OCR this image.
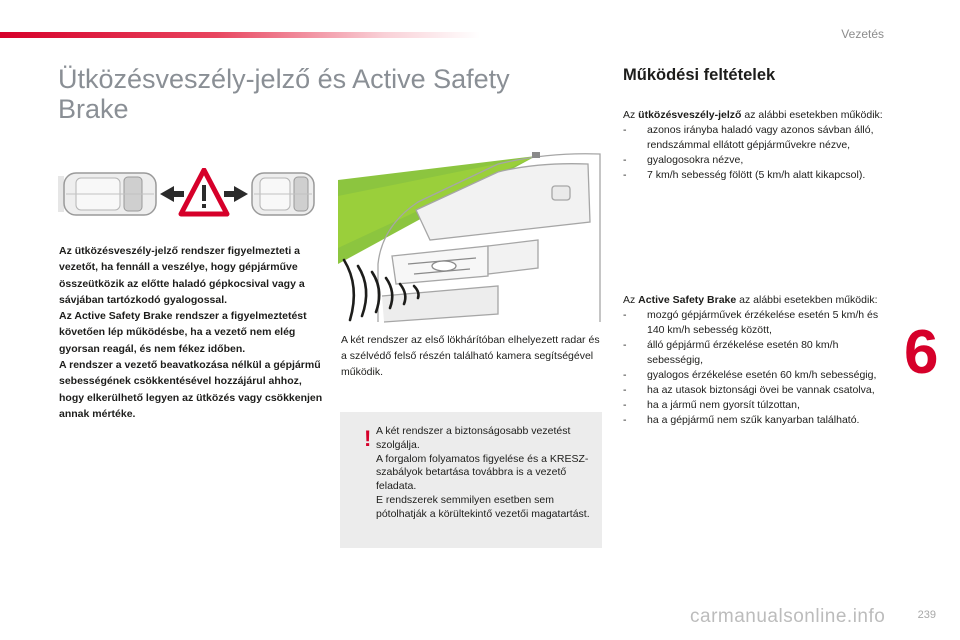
Vezetés
Ütközésveszély-jelző és Active Safety Brake
Az ütközésveszély-jelző rendszer figyelmezteti a vezetőt, ha fennáll a veszélye, hogy gépjárműve összeütközik az előtte haladó gépkocsival vagy a sávjában tartózkodó gyalogossal.
Az Active Safety Brake rendszer a figyelmeztetést követően lép működésbe, ha a vezető nem elég gyorsan reagál, és nem fékez időben.
A rendszer a vezető beavatkozása nélkül a gépjármű sebességének csökkentésével hozzájárul ahhoz, hogy elkerülhető legyen az ütközés vagy csökkenjen annak mértéke.

A két rendszer az első lökhárítóban elhelyezett radar és a szélvédő felső részén található kamera segítségével működik.

! A két rendszer a biztonságosabb vezetést szolgálja.
A forgalom folyamatos figyelése és a KRESZ-szabályok betartása továbbra is a vezető feladata.
E rendszerek semmilyen esetben sem pótolhatják a körültekintő vezetői magatartást.

Működési feltételek

Az ütközésveszély-jelző az alábbi esetekben működik:

- azonos irányba haladó vagy azonos sávban álló, rendszámmal ellátott gépjárművekre nézve,
- gyalogosokra nézve,
- 7 km/h sebesség fölött (5 km/h alatt kikapcsol).

Az Active Safety Brake az alábbi esetekben működik:

- mozgó gépjárművek érzékelése esetén 5 km/h és 140 km/h sebesség között,
- álló gépjármű érzékelése esetén 80 km/h sebességig,
- gyalogos érzékelése esetén 60 km/h sebességig,
- ha az utasok biztonsági övei be vannak csatolva,
- ha a jármű nem gyorsít túlzottan,
- ha a gépjármű nem szűk kanyarban található.
6
carmanualsonline.info	239
